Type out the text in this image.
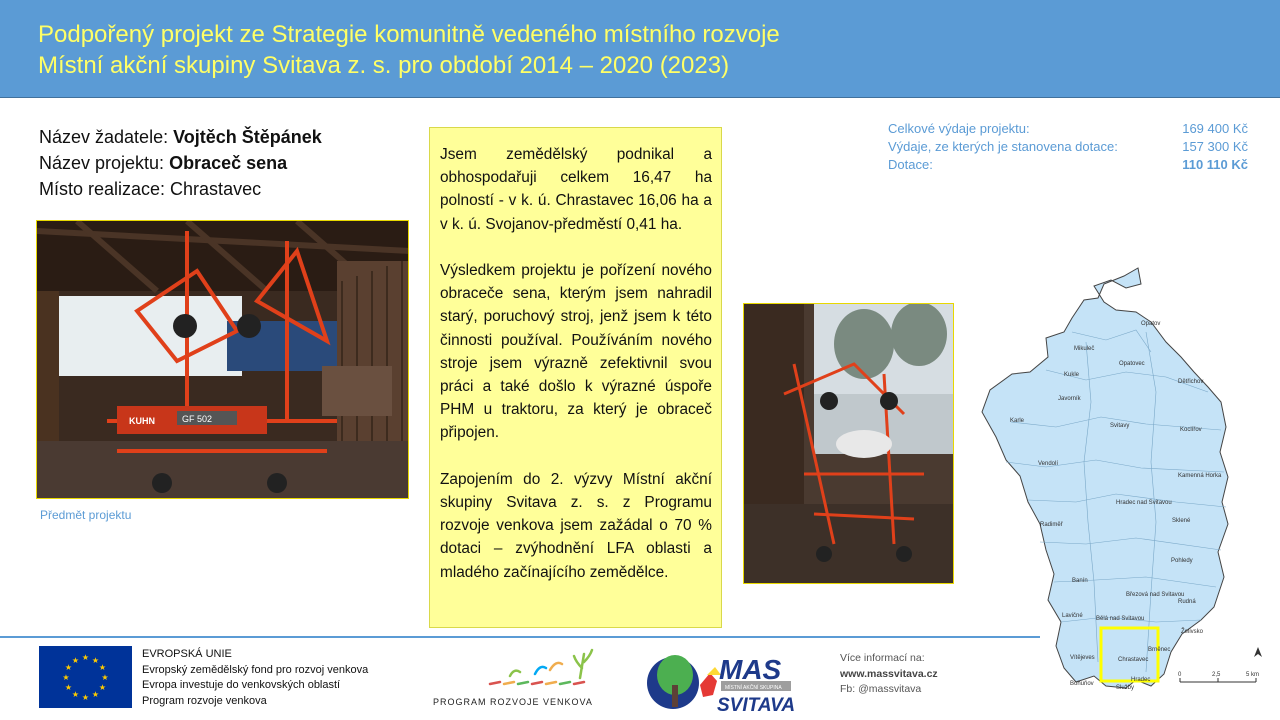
Podpořený projekt ze Strategie komunitně vedeného místního rozvoje
Místní akční skupiny Svitava z. s. pro období 2014 – 2020 (2023)
Název žadatele: Vojtěch Štěpánek
Název projektu: Obraceč sena
Místo realizace: Chrastavec
GF 502
KUHN
Předmět projektu

Jsem zemědělský podnikal a obhospodařuji celkem 16,47 ha polností - v k. ú. Chrastavec 16,06 ha a v k. ú. Svojanov-předměstí 0,41 ha.

Výsledkem projektu je pořízení nového obraceče sena, kterým jsem nahradil starý, poruchový stroj, jenž jsem k této činnosti používal. Používáním nového stroje jsem výrazně zefektivnil svou práci a také došlo k výrazné úspoře PHM u traktoru, za který je obraceč připojen.

Zapojením do 2. výzvy Místní akční skupiny Svitava z. s. z Programu rozvoje venkova jsem zažádal o 70 % dotaci – zvýhodnění LFA oblasti a mladého začínajícího zemědělce.

Celkové výdaje projektu:	169 400 Kč
Výdaje, ze kterých je stanovena dotace:	157 300 Kč
Dotace:	110 110 Kč
Opatov
Mikuleč
Opatovec
Kukle
Dětřichov
Javorník
Karle
Svitavy
Koclířov
Vendolí
Kamenná Horka
Hradec nad Svitavou
Radiměř
Sklené
Pohledy
Banín
Březová nad Svitavou
Rudná
Lavičné Bělá nad Svitavou
Želivsko
Vítějeves	Chrastavec
Brněnec
Bohuňov
Hradec
Služby
0	2,5	5 km
★ ★
★
★
★
★
★
★
★
★
★
★
EVROPSKÁ UNIE
Evropský zemědělský fond pro rozvoj venkova
Evropa investuje do venkovských oblastí
Program rozvoje venkova	PROGRAM ROZVOJE VENKOVA
MAS
MÍSTNÍ AKČNÍ SKUPINA
SVITAVA
Více informací na:
www.massvitava.cz
Fb: @massvitava
